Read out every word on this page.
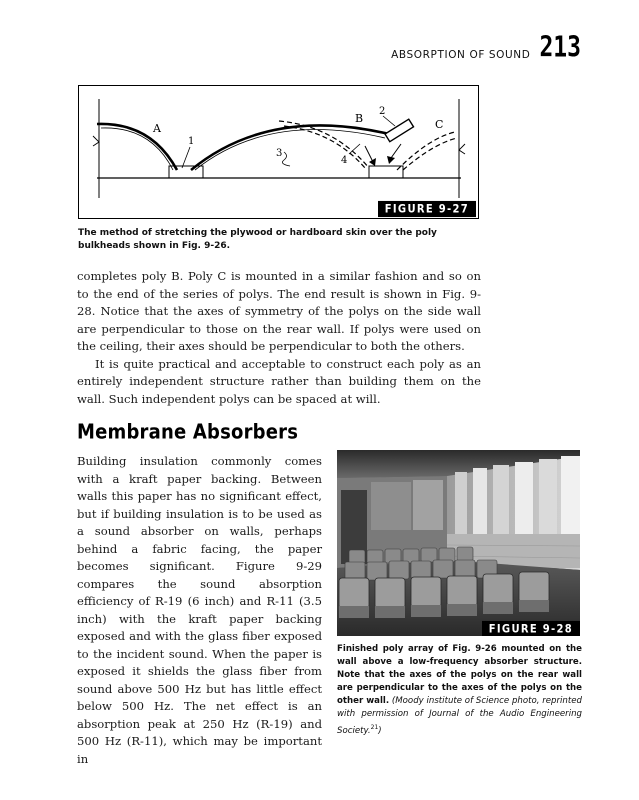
ABSORPTION OF SOUND 213
A
1
3
4
B
2
C
FIGURE 9-27
The method of stretching the plywood or hardboard skin over the poly bulkheads shown in Fig. 9-26.

completes poly B. Poly C is mounted in a similar fashion and so on to the end of the series of polys. The end result is shown in Fig. 9-28. Notice that the axes of symmetry of the polys on the side wall are perpendicular to those on the rear wall. If polys were used on the ceiling, their axes should be perpendicular to both the others.

It is quite practical and acceptable to construct each poly as an entirely independent structure rather than building them on the wall. Such independent polys can be spaced at will.

Membrane Absorbers
Building insulation commonly comes with a kraft paper backing. Between walls this paper has no significant effect, but if building insulation is to be used as a sound absorber on walls, perhaps behind a fabric facing, the paper becomes significant. Figure 9-29 compares the sound absorption efficiency of R-19 (6 inch) and R-11 (3.5 inch) with the kraft paper backing exposed and with the glass fiber exposed to the incident sound. When the paper is exposed it shields the glass fiber from sound above 500 Hz but has little effect below 500 Hz. The net effect is an absorption peak at 250 Hz (R-19) and 500 Hz (R-11), which may be important in
FIGURE 9-28
Finished poly array of Fig. 9-26 mounted on the wall above a low-frequency absorber structure. Note that the axes of the polys on the rear wall are perpendicular to the axes of the polys on the other wall. (Moody institute of Science photo, reprinted with permission of Journal of the Audio Engineering Society.$^{21}$)
